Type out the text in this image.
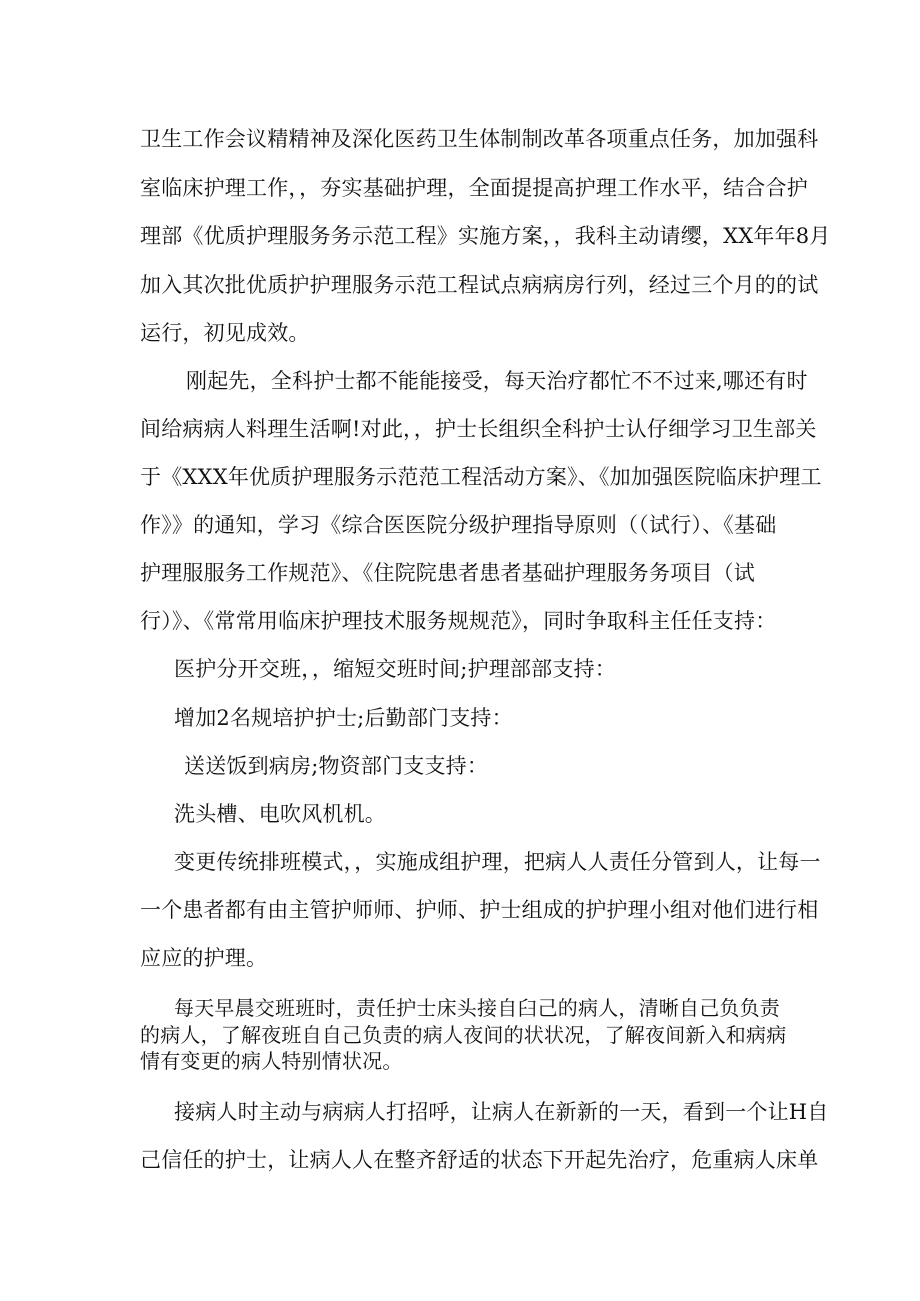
卫生工作会议精精神及深化医药卫生体制制改革各项重点任务，加加强科
室临床护理工作，，夯实基础护理，全面提提高护理工作水平，结合合护
理部《优质护理服务务示范工程》实施方案，，我科主动请缨，XX年年8月
加入其次批优质护护理服务示范工程试点病病房行列，经过三个月的的试
运行，初见成效。
刚起先，全科护士都不能能接受，每天治疗都忙不不过来,哪还有时
间给病病人料理生活啊!对此，，护士长组织全科护士认仔细学习卫生部关
于《XXX年优质护理服务示范范工程活动方案》、《加加强医院临床护理工
作》》的通知，学习《综合医医院分级护理指导原则（（试行）、《基础
护理服服务工作规范》、《住院院患者患者基础护理服务务项目（试
行）》、《常常用临床护理技术服务规规范》，同时争取科主任任支持：
医护分开交班，，缩短交班时间;护理部部支持：
增加2名规培护护士;后勤部门支持：
送送饭到病房;物资部门支支持：
洗头槽、电吹风机机。
变更传统排班模式，，实施成组护理，把病人人责任分管到人，让每一
一个患者都有由主管护师师、护师、护士组成的护护理小组对他们进行相
应应的护理。
每天早晨交班班时，责任护士床头接自臼己的病人，清晰自己负负责
的病人，了解夜班自自己负责的病人夜间的状状况，了解夜间新入和病病
情有变更的病人特别情状况。
接病人时主动与病病人打招呼，让病人在新新的一天，看到一个让H自
己信任的护士，让病人人在整齐舒适的状态下开起先治疗，危重病人床单
